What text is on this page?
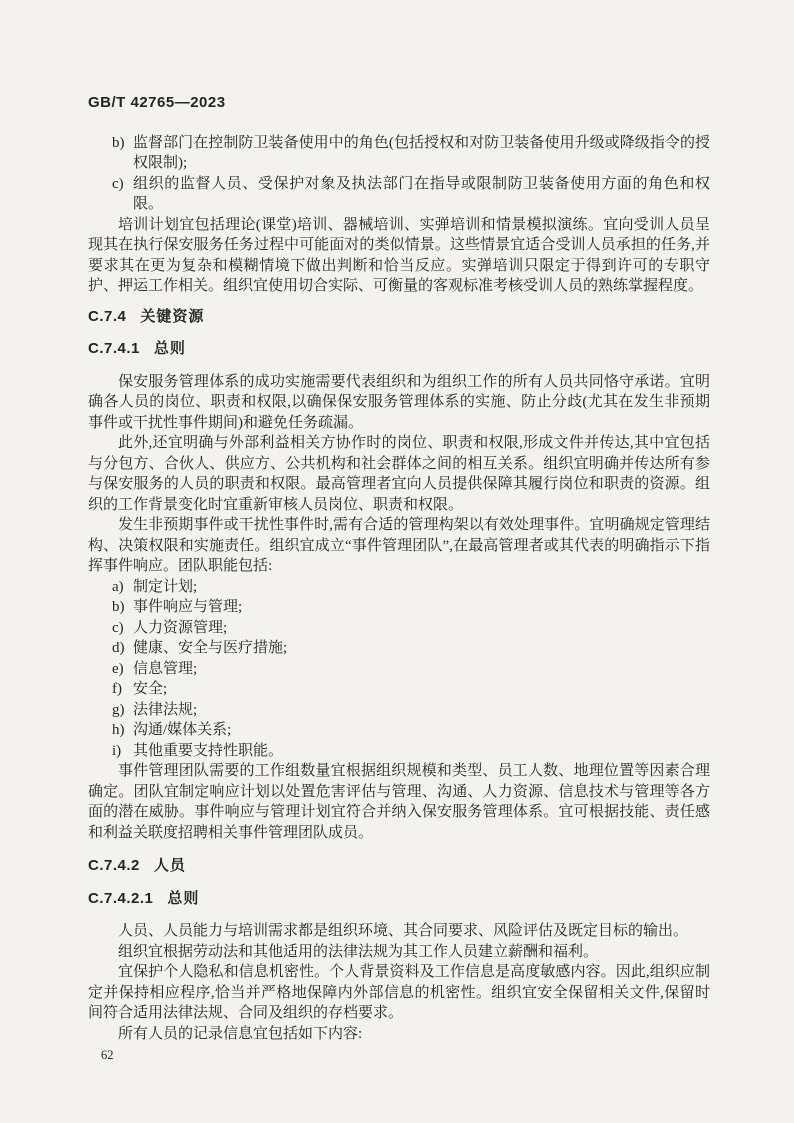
GB/T 42765—2023
b) 监督部门在控制防卫装备使用中的角色(包括授权和对防卫装备使用升级或降级指令的授权限制);
c) 组织的监督人员、受保护对象及执法部门在指导或限制防卫装备使用方面的角色和权限。

培训计划宜包括理论(课堂)培训、器械培训、实弹培训和情景模拟演练。宜向受训人员呈现其在执行保安服务任务过程中可能面对的类似情景。这些情景宜适合受训人员承担的任务,并要求其在更为复杂和模糊情境下做出判断和恰当反应。实弹培训只限定于得到许可的专职守护、押运工作相关。组织宜使用切合实际、可衡量的客观标准考核受训人员的熟练掌握程度。

C.7.4 关键资源
C.7.4.1 总则

保安服务管理体系的成功实施需要代表组织和为组织工作的所有人员共同恪守承诺。宜明确各人员的岗位、职责和权限,以确保保安服务管理体系的实施、防止分歧(尤其在发生非预期事件或干扰性事件期间)和避免任务疏漏。

此外,还宜明确与外部利益相关方协作时的岗位、职责和权限,形成文件并传达,其中宜包括与分包方、合伙人、供应方、公共机构和社会群体之间的相互关系。组织宜明确并传达所有参与保安服务的人员的职责和权限。最高管理者宜向人员提供保障其履行岗位和职责的资源。组织的工作背景变化时宜重新审核人员岗位、职责和权限。

发生非预期事件或干扰性事件时,需有合适的管理构架以有效处理事件。宜明确规定管理结构、决策权限和实施责任。组织宜成立“事件管理团队”,在最高管理者或其代表的明确指示下指挥事件响应。团队职能包括:

a) 制定计划;
b) 事件响应与管理;
c) 人力资源管理;
d) 健康、安全与医疗措施;
e) 信息管理;
f) 安全;
g) 法律法规;
h) 沟通/媒体关系;
i) 其他重要支持性职能。

事件管理团队需要的工作组数量宜根据组织规模和类型、员工人数、地理位置等因素合理确定。团队宜制定响应计划以处置危害评估与管理、沟通、人力资源、信息技术与管理等各方面的潜在威胁。事件响应与管理计划宜符合并纳入保安服务管理体系。宜可根据技能、责任感和利益关联度招聘相关事件管理团队成员。

C.7.4.2 人员
C.7.4.2.1 总则

人员、人员能力与培训需求都是组织环境、其合同要求、风险评估及既定目标的输出。

组织宜根据劳动法和其他适用的法律法规为其工作人员建立薪酬和福利。

宜保护个人隐私和信息机密性。个人背景资料及工作信息是高度敏感内容。因此,组织应制定并保持相应程序,恰当并严格地保障内外部信息的机密性。组织宜安全保留相关文件,保留时间符合适用法律法规、合同及组织的存档要求。

所有人员的记录信息宜包括如下内容:

62
